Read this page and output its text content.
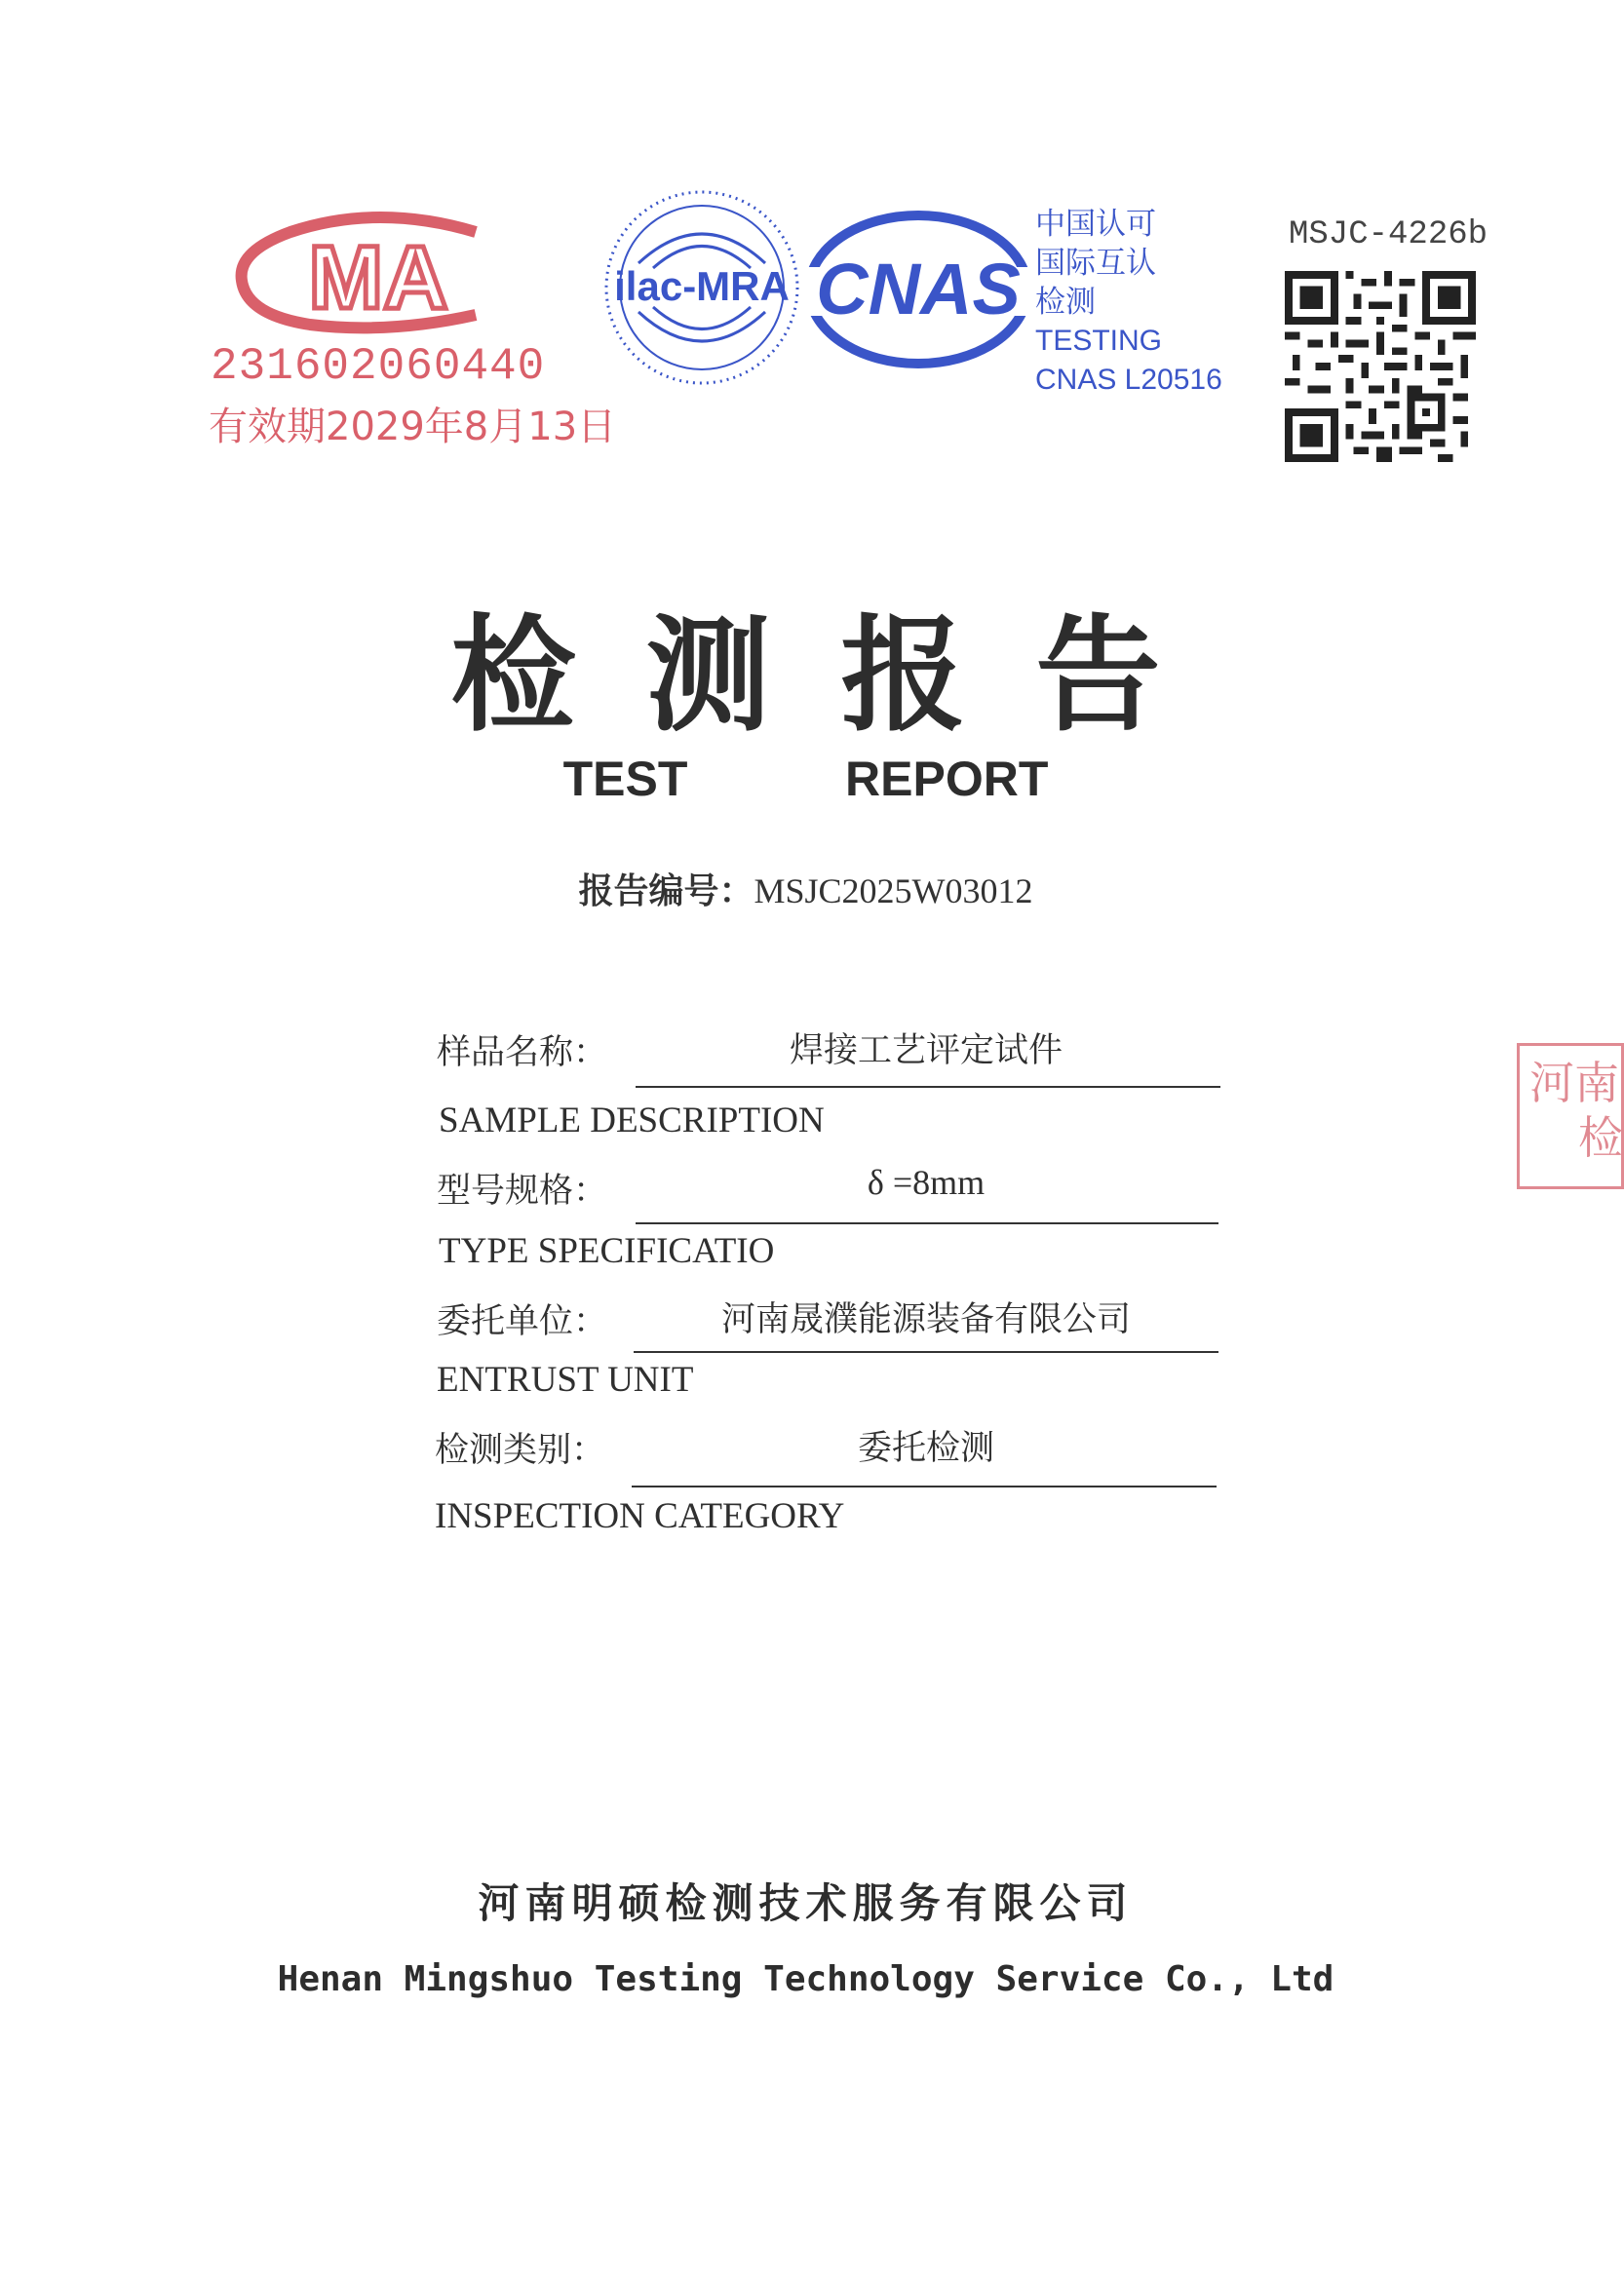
MA
231602060440
有效期2029年8月13日
ilac-MRA CNAS
中国认可
国际互认
检测
TESTING
CNAS L20516
MSJC-4226b
检测报告
TEST   REPORT
报告编号：MSJC2025W03012
样品名称：	焊接工艺评定试件
SAMPLE DESCRIPTION
型号规格：	δ =8mm
TYPE SPECIFICATIO
委托单位：	河南晟濮能源装备有限公司
ENTRUST UNIT
检测类别：	委托检测
INSPECTION CATEGORY
河南
检
河南明硕检测技术服务有限公司
Henan Mingshuo Testing Technology Service Co., Ltd
